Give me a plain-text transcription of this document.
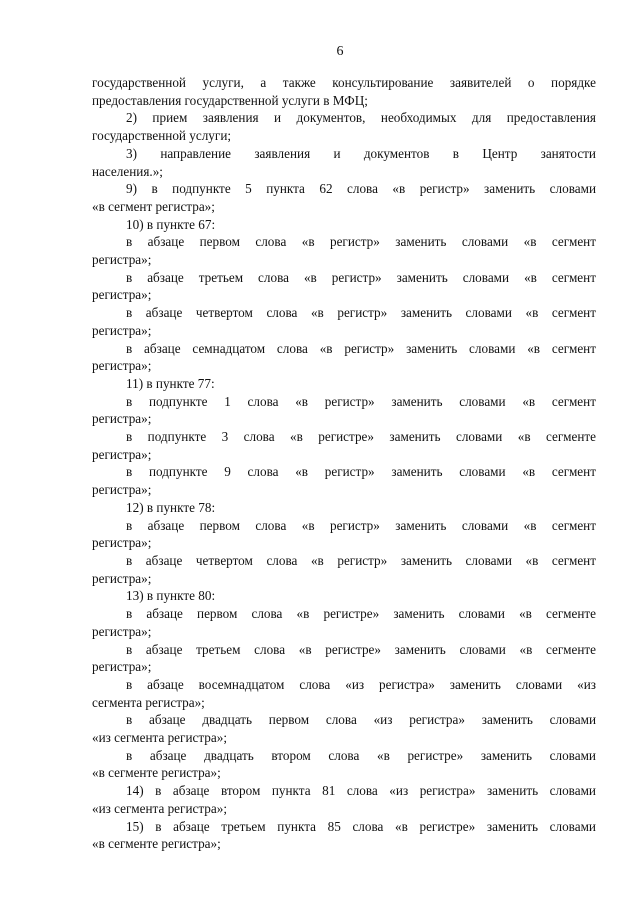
6
государственной услуги, а также консультирование заявителей о порядке
предоставления государственной услуги в МФЦ;
2) прием заявления и документов, необходимых для предоставления
государственной услуги;
3) направление заявления и документов в Центр занятости
населения.»;
9) в подпункте 5 пункта 62 слова «в регистр» заменить словами
«в сегмент регистра»;
10) в пункте 67:
в абзаце первом слова «в регистр» заменить словами «в сегмент
регистра»;
в абзаце третьем слова «в регистр» заменить словами «в сегмент
регистра»;
в абзаце четвертом слова «в регистр» заменить словами «в сегмент
регистра»;
в абзаце семнадцатом слова «в регистр» заменить словами «в сегмент
регистра»;
11) в пункте 77:
в подпункте 1 слова «в регистр» заменить словами «в сегмент
регистра»;
в подпункте 3 слова «в регистре» заменить словами «в сегменте
регистра»;
в подпункте 9 слова «в регистр» заменить словами «в сегмент
регистра»;
12) в пункте 78:
в абзаце первом слова «в регистр» заменить словами «в сегмент
регистра»;
в абзаце четвертом слова «в регистр» заменить словами «в сегмент
регистра»;
13) в пункте 80:
в абзаце первом слова «в регистре» заменить словами «в сегменте
регистра»;
в абзаце третьем слова «в регистре» заменить словами «в сегменте
регистра»;
в абзаце восемнадцатом слова «из регистра» заменить словами «из
сегмента регистра»;
в абзаце двадцать первом слова «из регистра» заменить словами
«из сегмента регистра»;
в абзаце двадцать втором слова «в регистре» заменить словами
«в сегменте регистра»;
14) в абзаце втором пункта 81 слова «из регистра» заменить словами
«из сегмента регистра»;
15) в абзаце третьем пункта 85 слова «в регистре» заменить словами
«в сегменте регистра»;
